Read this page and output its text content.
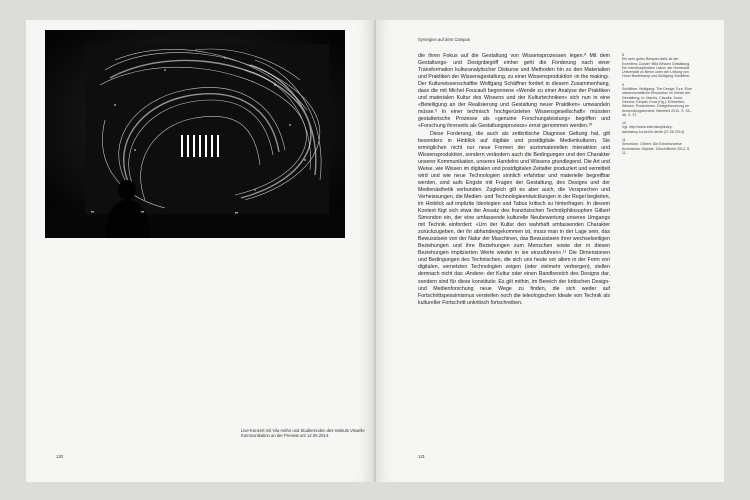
130
Synergien auf dem Campus
131
Live-Konzert mit Vila Antho und Studierenden des Instituts Visuelle Kommunikation an der Preview am 12.06.2014.

die ihren Fokus auf die Gestaltung von Wissensprozessen legen.⁸ Mit dem Gestaltungs- und Designbegriff einher geht die Forderung nach einer Transformation kulturanalytischer Diskurse und Methoden hin zu den Materialien und Praktiken der Wissensgestaltung, zu einer Wissensproduktion ‹in the making›. Der Kulturwissenschaftler Wolfgang Schäffner fordert in diesem Zusammenhang, dass die mit Michel Foucault begonnene «Wende zu einer Analyse der Praktiken und materialen Kultur des Wissens und der Kulturtechniken» sich nun in eine «Beteiligung an der Realisierung und Gestaltung neuer Praktiken» umwandeln müsse.⁹ In einer technisch hochgerüsteten Wissensgesellschaft» müssten gestalterische Prozesse als «genuine Forschungsleistung» begriffen und «Forschung ihrerseits als Gestaltungsprozess» ernst genommen werden.¹⁰

Diese Forderung, die auch als zeitkritische Diagnose Geltung hat, gilt besonders in Hinblick auf digitale und postdigitale Medienkulturen. Sie ermöglichen nicht nur neue Formen der soziomateriellen Interaktion und Wissensproduktion, sondern verändern auch die Bedingungen und den Charakter unserer Kommunikation, unseres Handelns und Wissens grundlegend. Die Art und Weise, wie Wissen im digitalen und postdigitalen Zeitalter produziert und vermittelt wird und wie neue Technologien sinnlich erfahrbar und materielle begreifbar werden, sind aufs Engste mit Fragen der Gestaltung, des Designs und der Medienästhetik verbunden. Zugleich gilt es aber auch, die Versprechen und Verheissungen, die Medien- und Technologieentwicklungen in der Regel begleiten, im Hinblick auf implizite Ideologien und Tabus kritisch zu hinterfragen. In diesem Kontext fügt sich etwa der Ansatz des französischen Technikphilosophen Gilbert Simondon ein, der eine umfassende kulturelle Neubewertung unseres Umgangs mit Technik einfordert: «Um der Kultur den wahrhaft umfassenden Charakter zurückzugeben, der ihr abhandengekommen ist, muss man in der Lage sein, das Bewusstsein von der Natur der Maschinen, das Bewusstsein ihrer wechselseitigen Beziehungen und ihre Beziehungen zum Menschen sowie der in diesen Beziehungen implizierten Werte wieder in sie einzuführen».¹¹ Die Dimensionen und Bedingungen des Technischen, die sich uns heute vor allem in der Form von digitalen, vernetzten Technologien zeigen (oder vielmehr verbergen), stellen demnach nicht das ‹Andere› der Kultur oder einen Randbereich des Designs dar, sondern sind für diese konstitutiv. Es gilt mithin, im Bereich der kritischen Design- und Medienforschung neue Wege zu finden, die sich weder auf Fortschrittspessimismus versteifen noch die teleologischen Ideale von Technik als kultureller Fortschritt unkritisch fortschreiben.

8
Ein sehr gutes Beispiel dafür ist der Exzellenz-Cluster ‹Bild Wissen Gestaltung. Ein interdisziplinäres Labor› der Humboldt-Universität zu Berlin unter der Leitung von Horst Bredekamp und Wolfgang Schäffner.
9
Schäffner, Wolfgang: The Design Turn. Eine wissenschaftliche Revolution im Geiste der Gestaltung. In: Mareis, Claudia; Joost, Gesche; Kimpel, Kora (Hg.): Entwerfen, Wissen, Produzieren. Designforschung im Anwendungskontext. Bielefeld 2010, S. 33–46, S. 37.
10
Vgl. http://www.interdisciplinary-laboratory.hu-berlin.de/de (27.06.2014).
11
Simondon, Gilbert: Die Existenzweise technischer Objekte. Zürich/Berlin 2012, S. 11.
